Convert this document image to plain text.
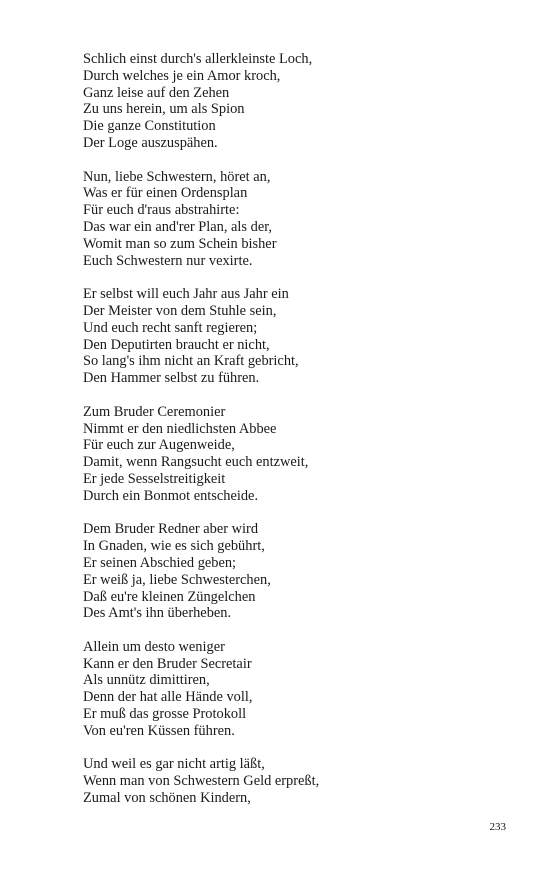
Schlich einst durch's allerkleinste Loch,
Durch welches je ein Amor kroch,
Ganz leise auf den Zehen
Zu uns herein, um als Spion
Die ganze Constitution
Der Loge auszuspähen.
Nun, liebe Schwestern, höret an,
Was er für einen Ordensplan
Für euch d'raus abstrahirte:
Das war ein and'rer Plan, als der,
Womit man so zum Schein bisher
Euch Schwestern nur vexirte.
Er selbst will euch Jahr aus Jahr ein
Der Meister von dem Stuhle sein,
Und euch recht sanft regieren;
Den Deputirten braucht er nicht,
So lang's ihm nicht an Kraft gebricht,
Den Hammer selbst zu führen.
Zum Bruder Ceremonier
Nimmt er den niedlichsten Abbee
Für euch zur Augenweide,
Damit, wenn Rangsucht euch entzweit,
Er jede Sesselstreitigkeit
Durch ein Bonmot entscheide.
Dem Bruder Redner aber wird
In Gnaden, wie es sich gebührt,
Er seinen Abschied geben;
Er weiß ja, liebe Schwesterchen,
Daß eu're kleinen Züngelchen
Des Amt's ihn überheben.
Allein um desto weniger
Kann er den Bruder Secretair
Als unnütz dimittiren,
Denn der hat alle Hände voll,
Er muß das grosse Protokoll
Von eu'ren Küssen führen.
Und weil es gar nicht artig läßt,
Wenn man von Schwestern Geld erpreßt,
Zumal von schönen Kindern,
233
